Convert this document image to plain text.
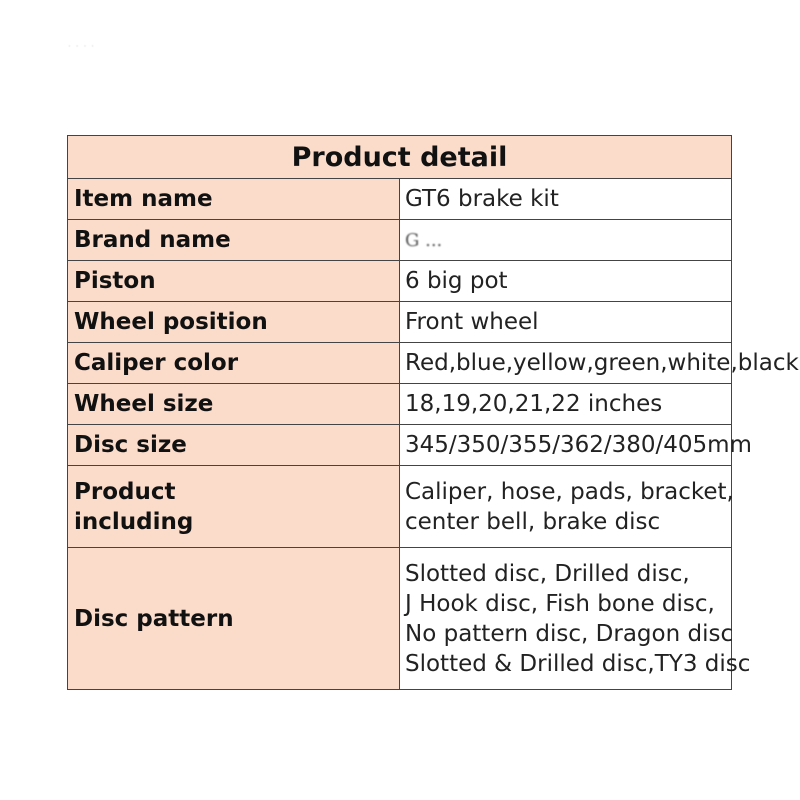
· · · ·
Product detail	
Item name	GT6 brake kit

Brand name	G ...
Piston	6 big pot

Wheel position	Front wheel

Caliper color	Red,blue,yellow,green,white,black

Wheel size	18,19,20,21,22 inches

Disc size	345/350/355/362/380/405mm

Product
including	Caliper, hose, pads, bracket,
center bell, brake disc

Disc pattern	Slotted disc, Drilled disc,
J Hook disc, Fish bone disc,
No pattern disc, Dragon disc
Slotted & Drilled disc,TY3 disc
